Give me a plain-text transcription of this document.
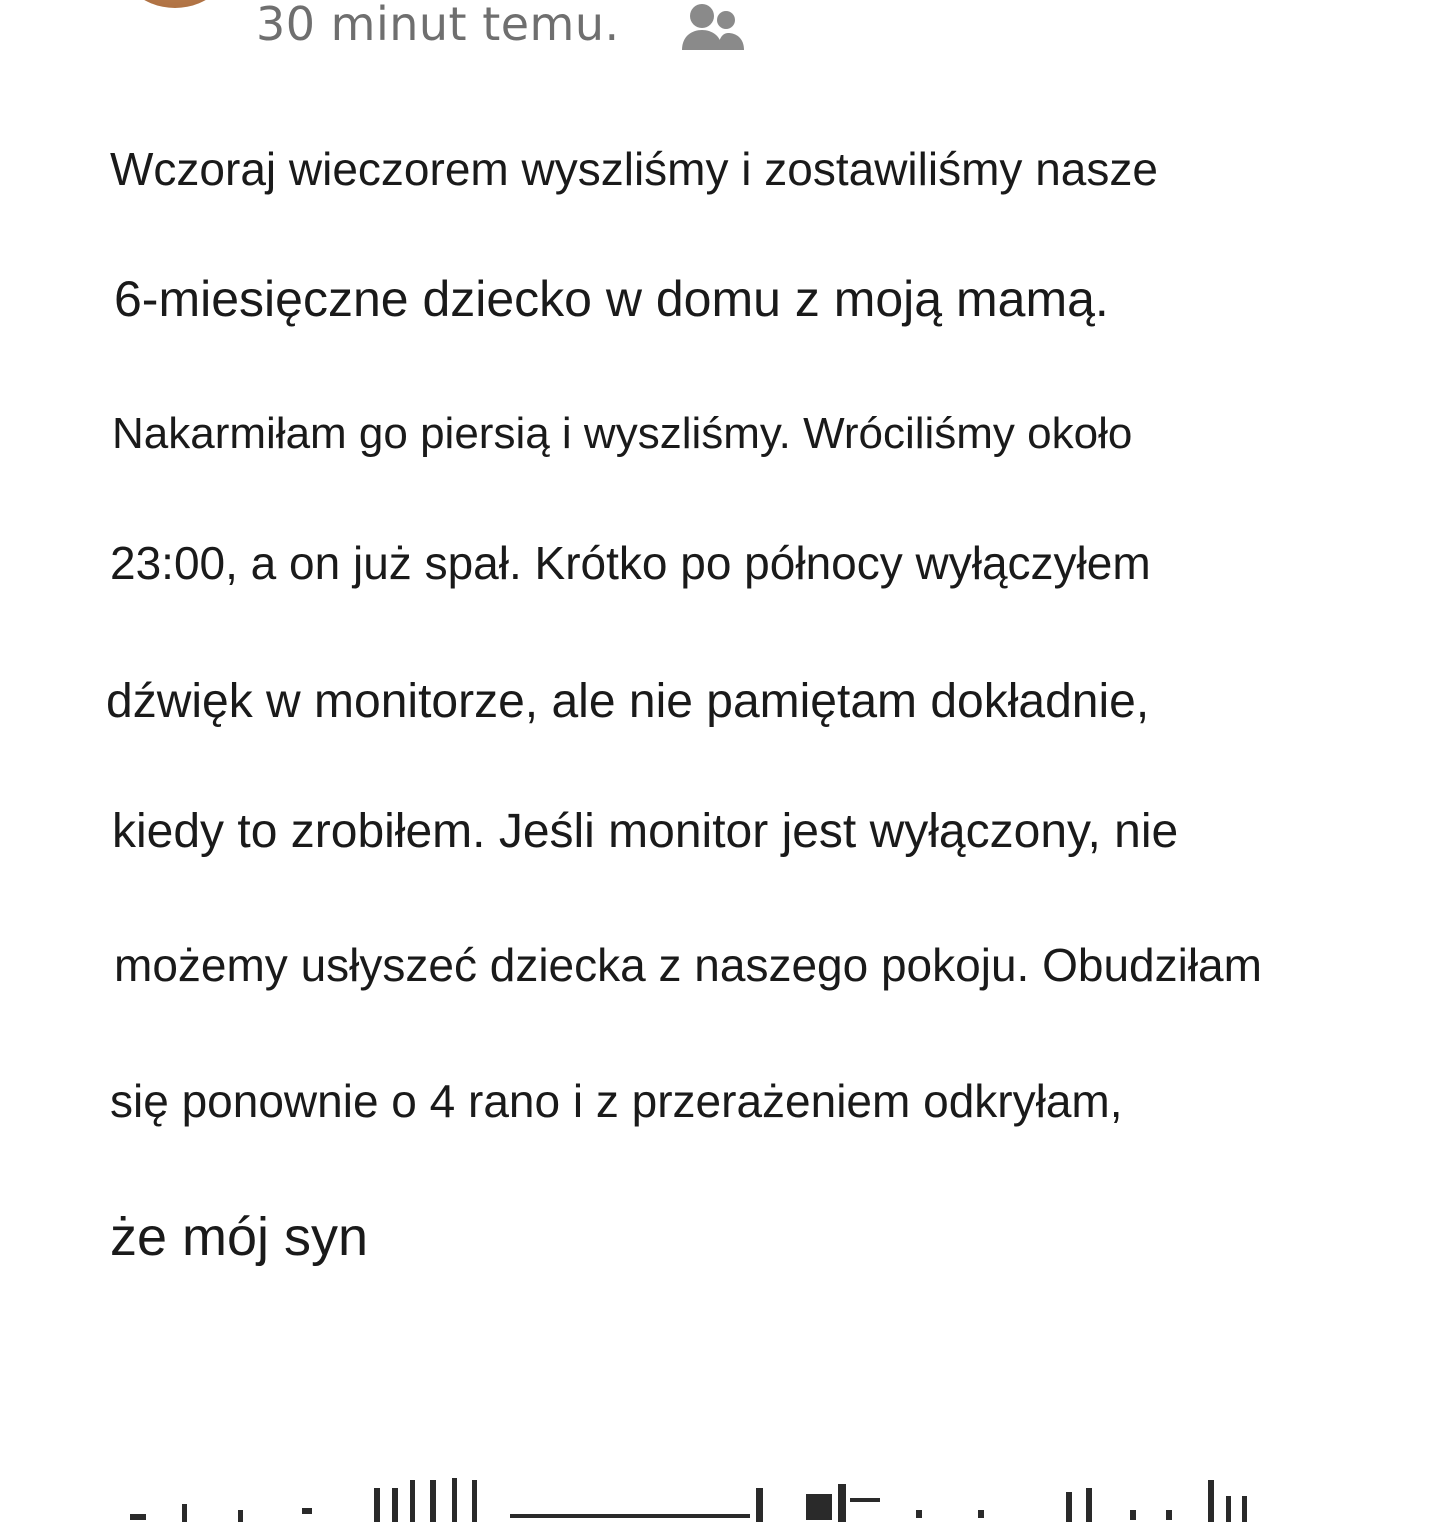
30 minut temu.
Wczoraj wieczorem wyszliśmy i zostawiliśmy nasze
6-miesięczne dziecko w domu z moją mamą.
Nakarmiłam go piersią i wyszliśmy. Wróciliśmy około
23:00, a on już spał. Krótko po północy wyłączyłem
dźwięk w monitorze, ale nie pamiętam dokładnie,
kiedy to zrobiłem. Jeśli monitor jest wyłączony, nie
możemy usłyszeć dziecka z naszego pokoju. Obudziłam
się ponownie o 4 rano i z przerażeniem odkryłam,
że mój syn
